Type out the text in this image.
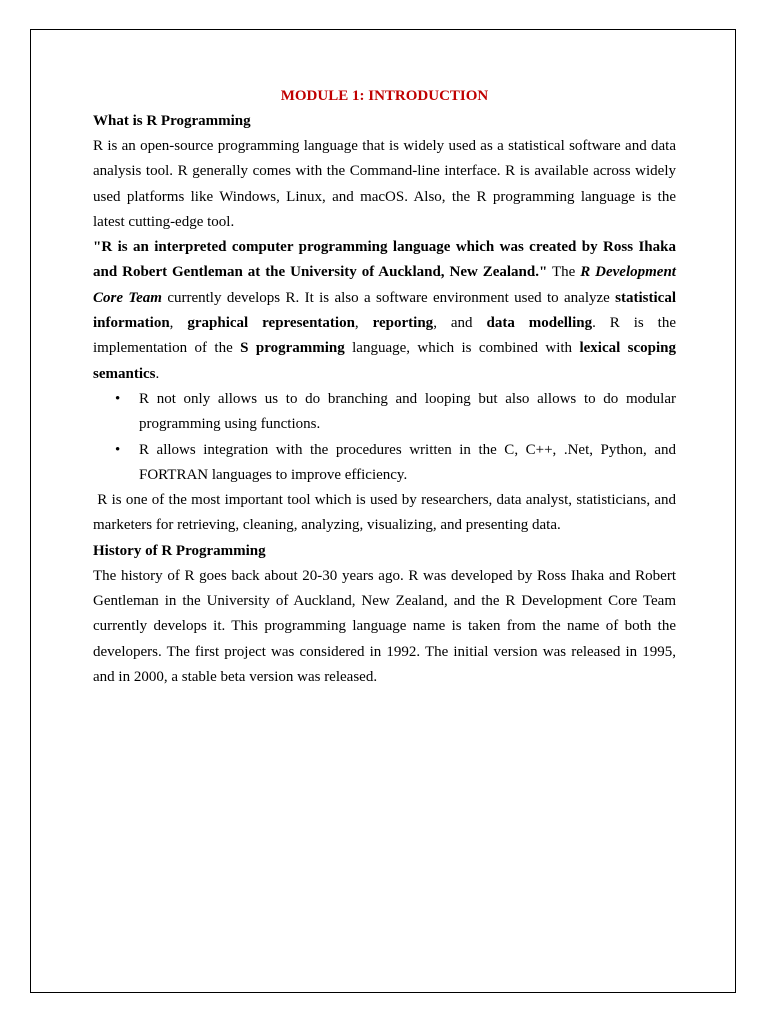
MODULE 1: INTRODUCTION

What is R Programming

R is an open-source programming language that is widely used as a statistical software and data analysis tool. R generally comes with the Command-line interface. R is available across widely used platforms like Windows, Linux, and macOS. Also, the R programming language is the latest cutting-edge tool.

"R is an interpreted computer programming language which was created by Ross Ihaka and Robert Gentleman at the University of Auckland, New Zealand." The R Development Core Team currently develops R. It is also a software environment used to analyze statistical information, graphical representation, reporting, and data modelling. R is the implementation of the S programming language, which is combined with lexical scoping semantics.

• R not only allows us to do branching and looping but also allows to do modular programming using functions.
• R allows integration with the procedures written in the C, C++, .Net, Python, and FORTRAN languages to improve efficiency.

R is one of the most important tool which is used by researchers, data analyst, statisticians, and marketers for retrieving, cleaning, analyzing, visualizing, and presenting data.

History of R Programming

The history of R goes back about 20-30 years ago. R was developed by Ross Ihaka and Robert Gentleman in the University of Auckland, New Zealand, and the R Development Core Team currently develops it. This programming language name is taken from the name of both the developers. The first project was considered in 1992. The initial version was released in 1995, and in 2000, a stable beta version was released.
